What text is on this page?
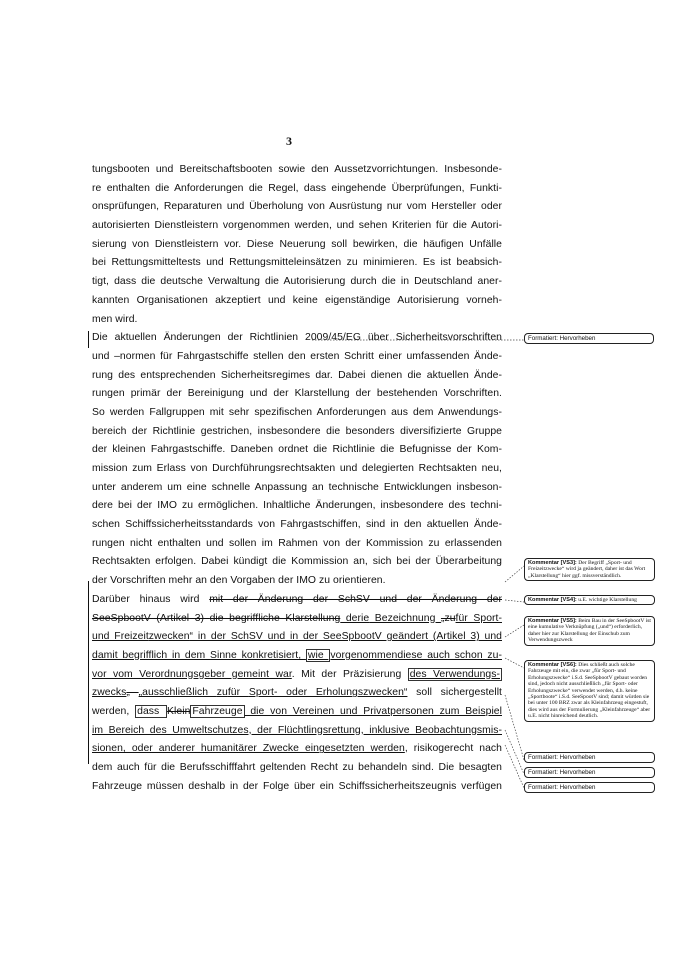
3
tungsbooten und Bereitschaftsbooten sowie den Aussetzvorrichtungen. Insbesonde-
re enthalten die Anforderungen die Regel, dass eingehende Überprüfungen, Funkti-
onsprüfungen, Reparaturen und Überholung von Ausrüstung nur vom Hersteller oder
autorisierten Dienstleistern vorgenommen werden, und sehen Kriterien für die Autori-
sierung von Dienstleistern vor. Diese Neuerung soll bewirken, die häufigen Unfälle
bei Rettungsmitteltests und Rettungsmitteleinsätzen zu minimieren. Es ist beabsich-
tigt, dass die deutsche Verwaltung die Autorisierung durch die in Deutschland aner-
kannten Organisationen akzeptiert und keine eigenständige Autorisierung vorneh-
men wird.
Die aktuellen Änderungen der Richtlinien 2009/45/EG über Sicherheitsvorschriften
und –normen für Fahrgastschiffe stellen den ersten Schritt einer umfassenden Ände-
rung des entsprechenden Sicherheitsregimes dar. Dabei dienen die aktuellen Ände-
rungen primär der Bereinigung und der Klarstellung der bestehenden Vorschriften.
So werden Fallgruppen mit sehr spezifischen Anforderungen aus dem Anwendungs-
bereich der Richtlinie gestrichen, insbesondere die besonders diversifizierte Gruppe
der kleinen Fahrgastschiffe. Daneben ordnet die Richtlinie die Befugnisse der Kom-
mission zum Erlass von Durchführungsrechtsakten und delegierten Rechtsakten neu,
unter anderem um eine schnelle Anpassung an technische Entwicklungen insbeson-
dere bei der IMO zu ermöglichen. Inhaltliche Änderungen, insbesondere des techni-
schen Schiffssicherheitsstandards von Fahrgastschiffen, sind in den aktuellen Ände-
rungen nicht enthalten und sollen im Rahmen von der Kommission zu erlassenden
Rechtsakten erfolgen. Dabei kündigt die Kommission an, sich bei der Überarbeitung
der Vorschriften mehr an den Vorgaben der IMO zu orientieren.
Darüber hinaus wird mit der Änderung der SchSV und der Änderung der
SeeSpbootV (Artikel 3) die begriffliche Klarstellung derie Bezeichnung „zufür Sport-
und Freizeitzwecken“ in der SchSV und in der SeeSpbootV geändert (Artikel 3) und
damit begrifflich in dem Sinne konkretisiert, wie vorgenommendiese auch schon zu-
vor vom Verordnungsgeber gemeint war. Mit der Präzisierung des Verwendungs-
zwecks„ „ausschließlich zufür Sport- oder Erholungszwecken“ soll sichergestellt
werden, dass Klein Fahrzeuge die von Vereinen und Privatpersonen zum Beispiel
im Bereich des Umweltschutzes, der Flüchtlingsrettung, inklusive Beobachtungsmis-
sionen, oder anderer humanitärer Zwecke eingesetzten werden, risikogerecht nach
dem auch für die Berufsschifffahrt geltenden Recht zu behandeln sind. Die besagten
Fahrzeuge müssen deshalb in der Folge über ein Schiffssicherheitszeugnis verfügen
Formatiert: Hervorheben
Kommentar [VS3]: Der Begriff „Sport- und Freizeitzwecke“ wird ja geändert, daher ist das Wort „Klarstellung“ hier ggf. missverständlich.
Kommentar [VS4]: u.E. wichtige Klarstellung
Kommentar [VS5]: Beim Bau in der SeeSpbootV ist eine kumulative Verknüpfung („und“) erforderlich, daher hier zur Klarstellung der Einschub zum Verwendungszweck
Kommentar [VS6]: Dies schließt auch solche Fahrzeuge mit ein, die zwar „für Sport- und Erholungszwecke“ i.S.d. SeeSpbootV gebaut worden sind, jedoch nicht ausschließlich „für Sport- oder Erholungszwecke“ verwendet werden, d.h. keine „Sportboote“ i.S.d. SeeSpootV sind; damit würden sie bei unter 100 BRZ zwar als Kleinfahrzeug eingestuft, dies wird aus der Formulierung „Kleinfahrzeuge“ aber u.E. nicht hinreichend deutlich.
Formatiert: Hervorheben
Formatiert: Hervorheben
Formatiert: Hervorheben
